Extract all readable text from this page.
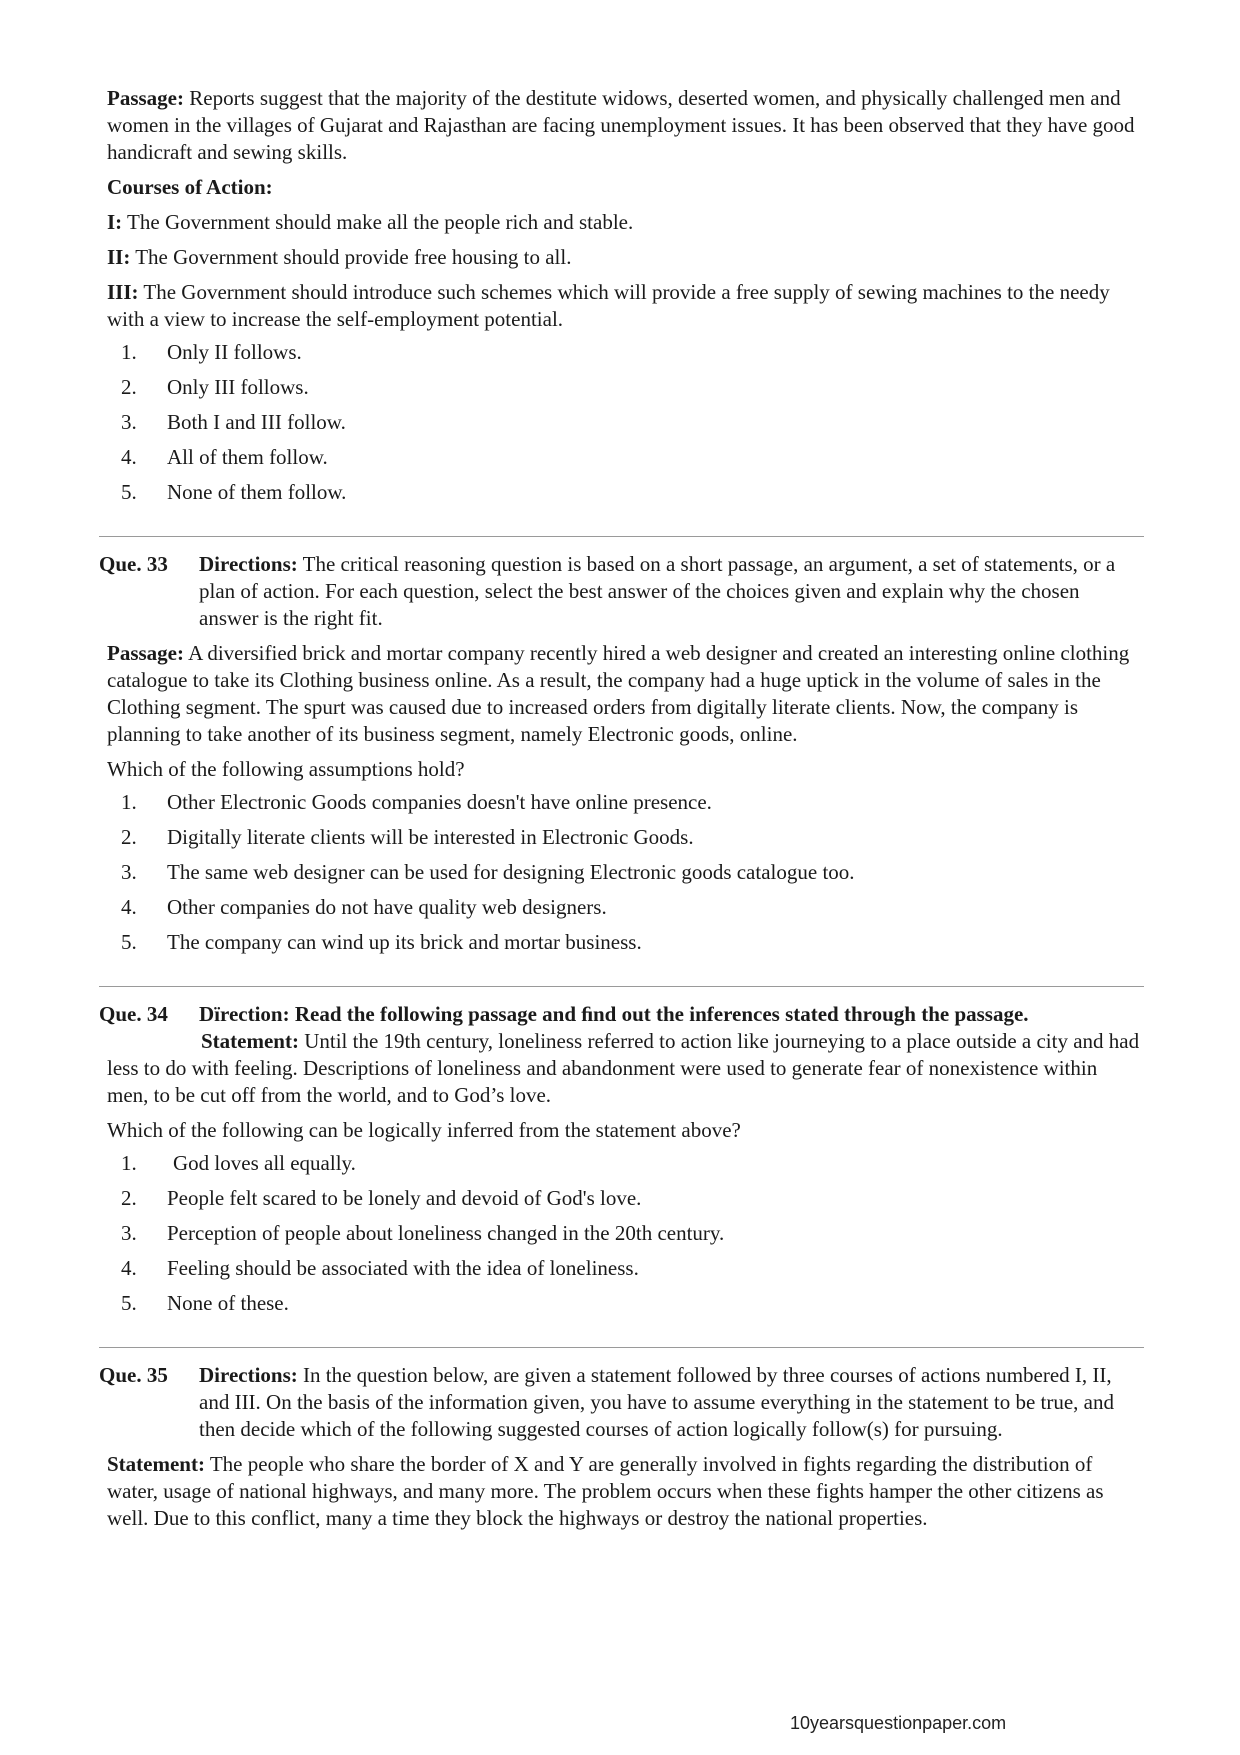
Passage: Reports suggest that the majority of the destitute widows, deserted women, and physically challenged men and women in the villages of Gujarat and Rajasthan are facing unemployment issues. It has been observed that they have good handicraft and sewing skills.

Courses of Action:

I: The Government should make all the people rich and stable.

II: The Government should provide free housing to all.

III: The Government should introduce such schemes which will provide a free supply of sewing machines to the needy with a view to increase the self-employment potential.

1.	Only II follows.
2.	Only III follows.
3.	Both I and III follow.
4.	All of them follow.
5.	None of them follow.
Que. 33	Directions: The critical reasoning question is based on a short passage, an argument, a set of statements, or a plan of action. For each question, select the best answer of the choices given and explain why the chosen answer is the right fit.

Passage: A diversified brick and mortar company recently hired a web designer and created an interesting online clothing catalogue to take its Clothing business online. As a result, the company had a huge uptick in the volume of sales in the Clothing segment. The spurt was caused due to increased orders from digitally literate clients. Now, the company is planning to take another of its business segment, namely Electronic goods, online.

Which of the following assumptions hold?

1.	Other Electronic Goods companies doesn't have online presence.
2.	Digitally literate clients will be interested in Electronic Goods.
3.	The same web designer can be used for designing Electronic goods catalogue too.
4.	Other companies do not have quality web designers.
5.	The company can wind up its brick and mortar business.
Que. 34	Dïrection: Read the following passage and ﬁnd out the inferences stated through the passage.

Statement: Until the 19th century, loneliness referred to action like journeying to a place outside a city and had less to do with feeling. Descriptions of loneliness and abandonment were used to generate fear of nonexistence within men, to be cut off from the world, and to God’s love.

Which of the following can be logically inferred from the statement above?

1.	God loves all equally.
2.	People felt scared to be lonely and devoid of God's love.
3.	Perception of people about loneliness changed in the 20th century.
4.	Feeling should be associated with the idea of loneliness.
5.	None of these.
Que. 35	Directions: In the question below, are given a statement followed by three courses of actions numbered I, II, and III. On the basis of the information given, you have to assume everything in the statement to be true, and then decide which of the following suggested courses of action logically follow(s) for pursuing.

Statement: The people who share the border of X and Y are generally involved in fights regarding the distribution of water, usage of national highways, and many more. The problem occurs when these fights hamper the other citizens as well. Due to this conflict, many a time they block the highways or destroy the national properties.

10yearsquestionpaper.com
